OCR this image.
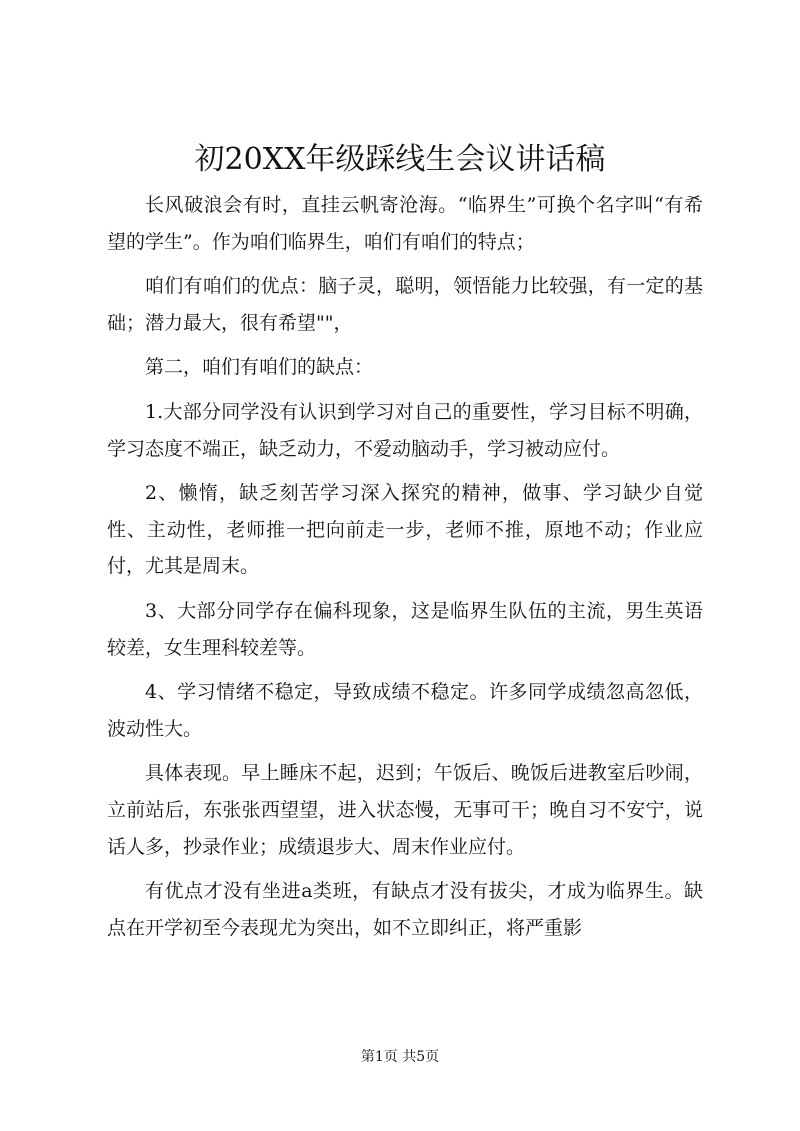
初20XX年级踩线生会议讲话稿

长风破浪会有时，直挂云帆寄沧海。“临界生”可换个名字叫“有希望的学生”。作为咱们临界生，咱们有咱们的特点；

咱们有咱们的优点：脑子灵，聪明，领悟能力比较强，有一定的基础；潜力最大，很有希望""，

第二，咱们有咱们的缺点：

1.大部分同学没有认识到学习对自己的重要性，学习目标不明确，学习态度不端正，缺乏动力，不爱动脑动手，学习被动应付。

2、懒惰，缺乏刻苦学习深入探究的精神，做事、学习缺少自觉性、主动性，老师推一把向前走一步，老师不推，原地不动；作业应付，尤其是周末。

3、大部分同学存在偏科现象，这是临界生队伍的主流，男生英语较差，女生理科较差等。

4、学习情绪不稳定，导致成绩不稳定。许多同学成绩忽高忽低，波动性大。

具体表现。早上睡床不起，迟到；午饭后、晚饭后进教室后吵闹，立前站后，东张张西望望，进入状态慢，无事可干；晚自习不安宁，说话人多，抄录作业；成绩退步大、周末作业应付。

有优点才没有坐进a类班，有缺点才没有拔尖，才成为临界生。缺点在开学初至今表现尤为突出，如不立即纠正，将严重影

第1页 共5页
